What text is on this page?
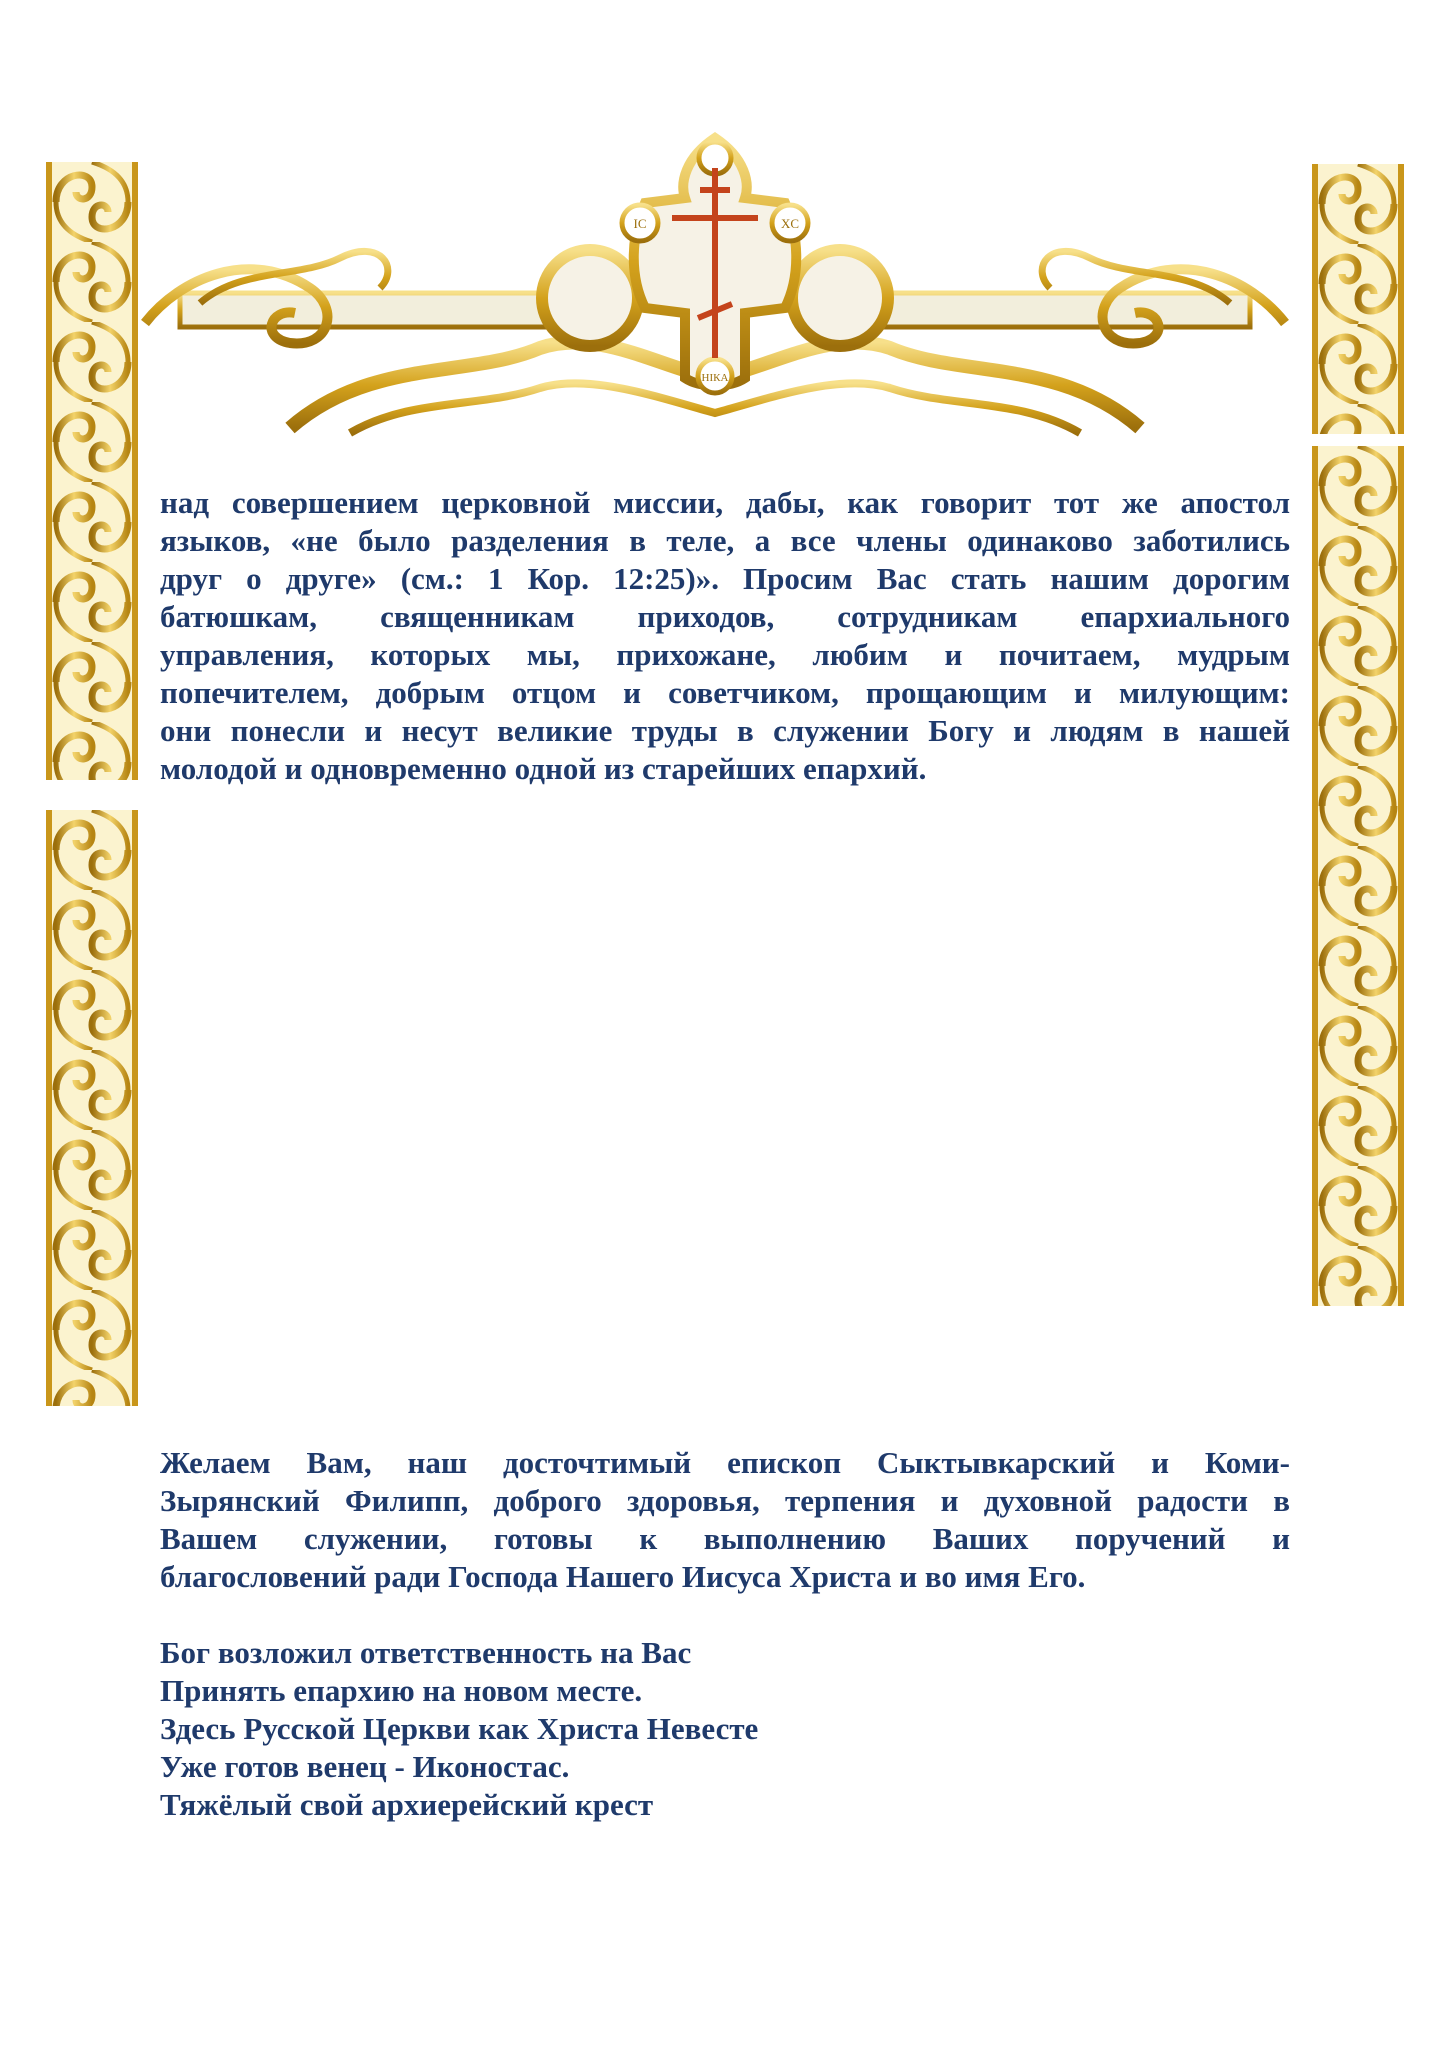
IC	XC
НІКА

над совершением церковной миссии, дабы, как говорит тот же апостол
языков, «не было разделения в теле, а все члены одинаково заботились
друг о друге» (см.: 1 Кор. 12:25)». Просим Вас стать нашим дорогим
батюшкам, священникам приходов, сотрудникам епархиального
управления, которых мы, прихожане, любим и почитаем, мудрым
попечителем, добрым отцом и советчиком, прощающим и милующим:
они понесли и несут великие труды в служении Богу и людям в нашей
молодой и одновременно одной из старейших епархий.

Желаем Вам, наш досточтимый епископ Сыктывкарский и Коми-
Зырянский Филипп, доброго здоровья, терпения и духовной радости в
Вашем служении, готовы к выполнению Ваших поручений и
благословений ради Господа Нашего Иисуса Христа и во имя Его.

Бог возложил ответственность на Вас
Принять епархию на новом месте.
Здесь Русской Церкви как Христа Невесте
Уже готов венец - Иконостас.

Тяжёлый свой архиерейский крест
